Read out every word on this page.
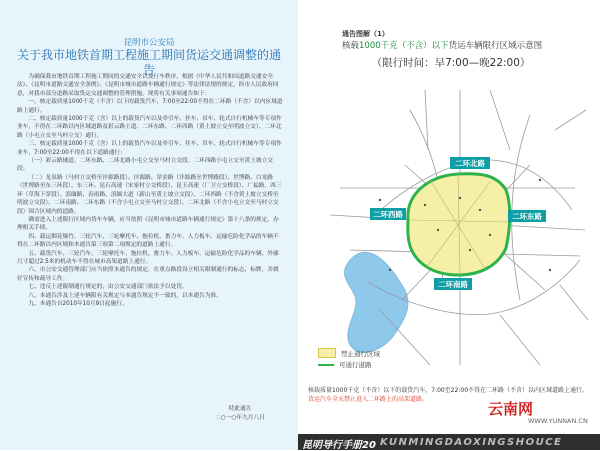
昆明市公安局
关于我市地铁首期工程施工期间货运交通调整的通告

为确保我市地铁首期工程施工期间的交通安全以及行车秩序，根据《中华人民共和国道路交通安全法》、《昆明市道路交通安全条例》、《昆明市城市道路车辆通行规定》等法律法规的规定，经市人民政府同意，对我市部分道路采取货运交通调整的管理措施，现将有关事项通告如下：

一、核定载质量1000千克（不含）以下的载货汽车，7:00至22:00不得在二环路（不含）以内区域道路上通行。

二、核定载质量1000千克（含）以上的载货汽车以及牵引车、挂车、吊车、轮式自行机械车等专项作业车，不得在二环路以内区域道路及彩云路主道、二环东路、二环西路（黄土坡立交至明波立交）、二环北路（小屯立交至马村立交）通行。

三、核定载质量1000千克（含）以上的载货汽车以及牵引车、挂车、吊车、轮式自行机械车等专项作业车，7:00至22:00不得在以下道路通行：

（一）彩云路辅道、二环东路、二环北路小屯立交至马村立交段、二环西路小屯立交至黄土坡立交段；

（二）龙泉路（马村立交桥至沣源路段）、沣源路、穿金路（沣源路至世博路段）、世博路、白龙路（世博路至东三环段）、东三环、昆石高速（宋家村立交桥段）、昆玉高速（厂卫立交桥段）、广福路、西三环（草海下穿段）、滇缅路、春雨路、滇缅大道（新山至黄土坡立交段）、二环西路（不含黄土坡立交桥至明波立交段）、二环南路、二环东路（不含小屯立交至马村立交段）、二环北路（不含小屯立交至马村立交段）围合区域内的道路。

确需进入上述限行区域内货车车辆，应当按照《昆明市城市道路车辆通行规定》第十八条的规定，办理相关手续。

四、载运烟花爆竹、三轮汽车、三轮摩托车、拖拉机、畜力车、人力板车、运输危险化学品的车辆不得在二环路以内区域和本通告第三项第二项规定的道路上通行。

五、载货汽车、三轮汽车、三轮摩托车、拖拉机、畜力车、人力板车、运输危险化学品的车辆、外廓尺寸超过2.5米的机动车不得在城市高架道路上通行。

六、市公安交通管理部门应当依照本通告的规定，在重点路段设立相关限制通行的标志、标牌，并做好宣传和疏导工作。

七、违反上述限制通行规定的，由公安交通部门依法予以处罚。

八、本通告涉及上述车辆限有关规定与本通告规定不一致的，以本通告为准。

九、本通告自2010年10月9日起施行。

特此通告
二○一○年九月八日
通告图解（1）
核载1000千克（不含）以下货运车辆限行区域示意图
（限行时间：早7:00—晚22:00）
二环北路
二环东路
二环西路
二环南路
禁止通行区域
可通行道路
核载质量1000千克（不含）以下的载货汽车，7:00至22:00不得在二环路（不含）以内区域道路上通行。货运汽车全天禁止进入二环路上的高架道路。
云南网
WWW.YUNNAN.CN
昆明导行手册20 KUNMINGDAOXINGSHOUCE
